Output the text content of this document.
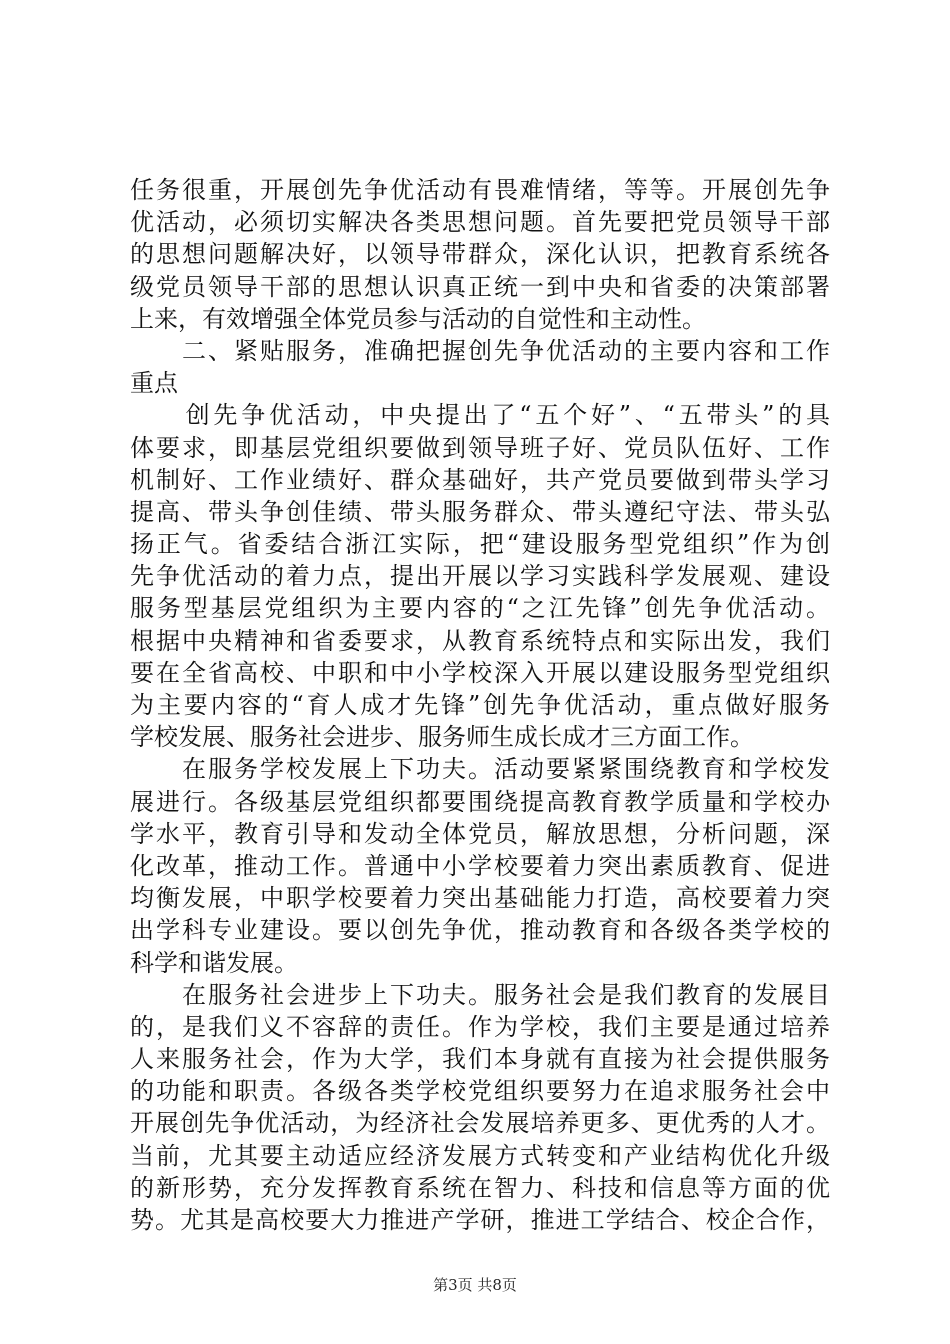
任务很重，开展创先争优活动有畏难情绪，等等。开展创先争
优活动，必须切实解决各类思想问题。首先要把党员领导干部
的思想问题解决好，以领导带群众，深化认识，把教育系统各
级党员领导干部的思想认识真正统一到中央和省委的决策部署
上来，有效增强全体党员参与活动的自觉性和主动性。
　　二、紧贴服务，准确把握创先争优活动的主要内容和工作
重点
　　创先争优活动，中央提出了“五个好”、“五带头”的具
体要求，即基层党组织要做到领导班子好、党员队伍好、工作
机制好、工作业绩好、群众基础好，共产党员要做到带头学习
提高、带头争创佳绩、带头服务群众、带头遵纪守法、带头弘
扬正气。省委结合浙江实际，把“建设服务型党组织”作为创
先争优活动的着力点，提出开展以学习实践科学发展观、建设
服务型基层党组织为主要内容的“之江先锋”创先争优活动。
根据中央精神和省委要求，从教育系统特点和实际出发，我们
要在全省高校、中职和中小学校深入开展以建设服务型党组织
为主要内容的“育人成才先锋”创先争优活动，重点做好服务
学校发展、服务社会进步、服务师生成长成才三方面工作。
　　在服务学校发展上下功夫。活动要紧紧围绕教育和学校发
展进行。各级基层党组织都要围绕提高教育教学质量和学校办
学水平，教育引导和发动全体党员，解放思想，分析问题，深
化改革，推动工作。普通中小学校要着力突出素质教育、促进
均衡发展，中职学校要着力突出基础能力打造，高校要着力突
出学科专业建设。要以创先争优，推动教育和各级各类学校的
科学和谐发展。
　　在服务社会进步上下功夫。服务社会是我们教育的发展目
的，是我们义不容辞的责任。作为学校，我们主要是通过培养
人来服务社会，作为大学，我们本身就有直接为社会提供服务
的功能和职责。各级各类学校党组织要努力在追求服务社会中
开展创先争优活动，为经济社会发展培养更多、更优秀的人才。
当前，尤其要主动适应经济发展方式转变和产业结构优化升级
的新形势，充分发挥教育系统在智力、科技和信息等方面的优
势。尤其是高校要大力推进产学研，推进工学结合、校企合作，
第3页 共8页
